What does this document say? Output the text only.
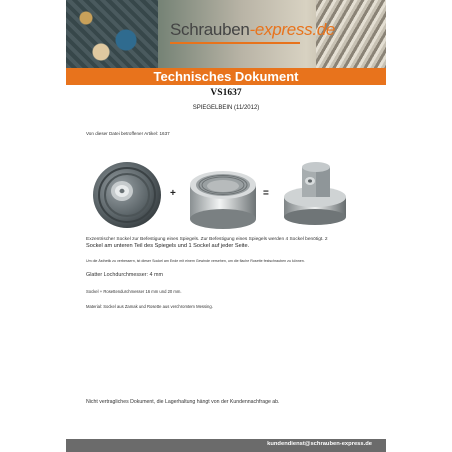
Schrauben-express.de
Technisches Dokument
VS1637
SPIEGELBEIN (11/2012)
Von dieser Datei betroffener Artikel: 1637
+	=
Exzentrischer Sockel zur Befestigung eines Spiegels. Zur Befestigung eines Spiegels werden 4 Sockel benötigt. 2
Sockel am unteren Teil des Spiegels und 1 Sockel auf jeder Seite.
Um die Ästhetik zu verbessern, ist dieser Sockel am Ende mit einem Gewinde versehen, um die flache Rosette festschrauben zu können.
Glatter Lochdurchmesser: 4 mm
Sockel + Rosettendurchmesser 16 mm und 20 mm.
Material: Sockel aus Zamak und Rosette aus verchromtem Messing.
Nicht vertragliches Dokument, die Lagerhaltung hängt von der Kundennachfrage ab.
kundendienst@schrauben-express.de
